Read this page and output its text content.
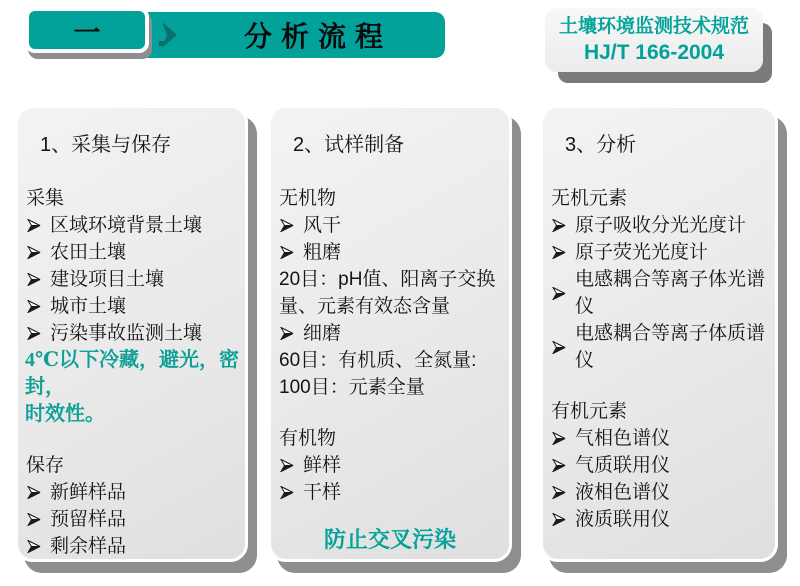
一	分析流程	土壤环境监测技术规范
HJ/T 166-2004
1、采集与保存
采集
区域环境背景土壤
农田土壤
建设项目土壤
城市土壤
污染事故监测土壤
4℃以下冷藏，避光，密封，
时效性。
保存
新鲜样品
预留样品
剩余样品
2、试样制备
无机物
风干
粗磨
20目：pH值、阳离子交换
量、元素有效态含量
细磨
60目：有机质、全氮量:
100目：元素全量
有机物
鲜样
干样
防止交叉污染
3、分析
无机元素
原子吸收分光光度计
原子荧光光度计
电感耦合等离子体光谱仪
电感耦合等离子体质谱仪
有机元素
气相色谱仪
气质联用仪
液相色谱仪
液质联用仪
